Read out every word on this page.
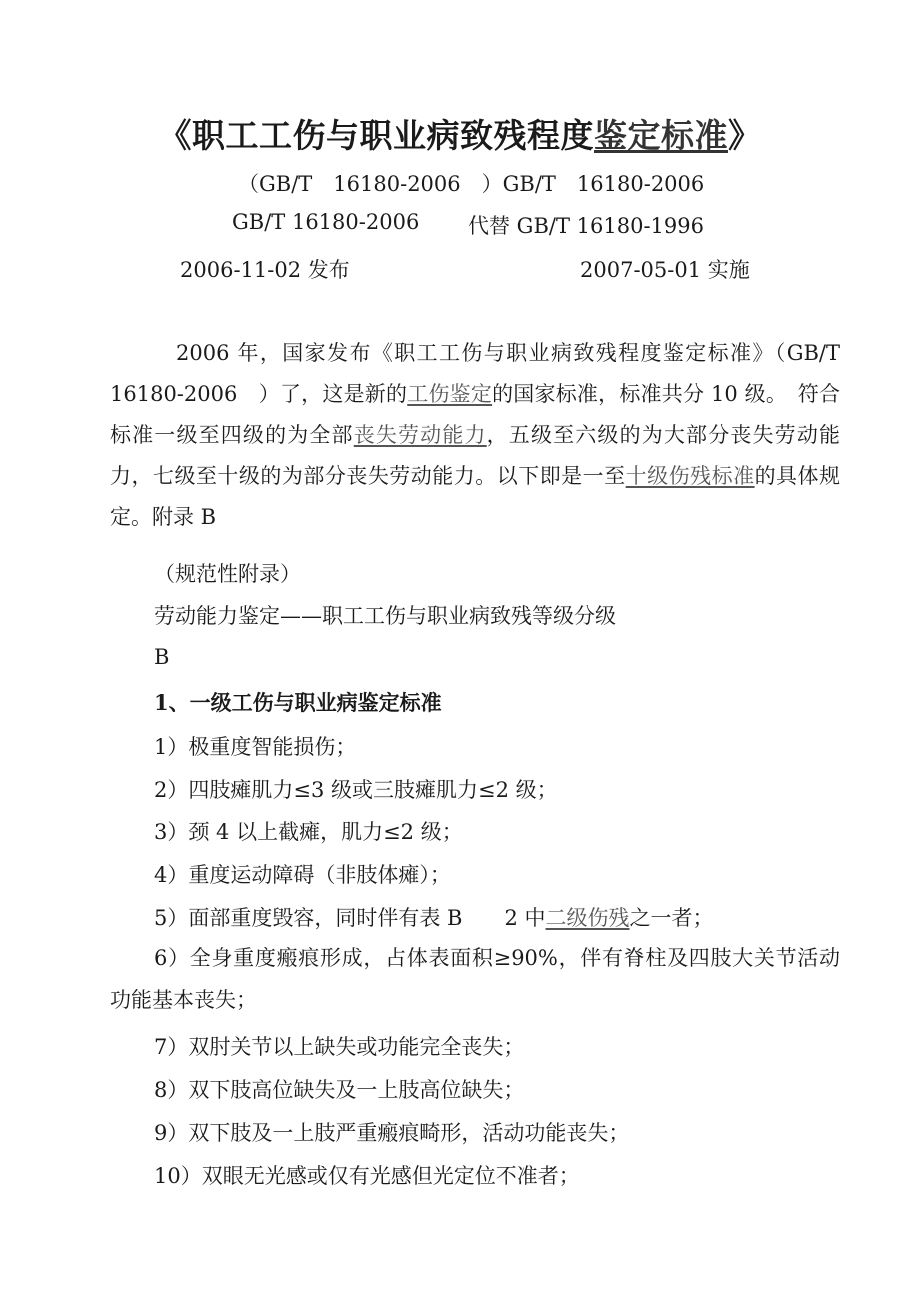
《职工工伤与职业病致残程度鉴定标准》
（GB/T　16180-2006　）GB/T　16180-2006
GB/T 16180-2006 代替 GB/T 16180-1996
2006-11-02 发布	2007-05-01 实施

2006 年，国家发布《职工工伤与职业病致残程度鉴定标准》（GB/T　16180-2006　）了，这是新的工伤鉴定的国家标准，标准共分 10 级。　符合标准一级至四级的为全部丧失劳动能力，五级至六级的为大部分丧失劳动能力，七级至十级的为部分丧失劳动能力。以下即是一至十级伤残标准的具体规定。附录 B

（规范性附录）
劳动能力鉴定——职工工伤与职业病致残等级分级
B
1、一级工伤与职业病鉴定标准
1）极重度智能损伤；
2）四肢瘫肌力≤3 级或三肢瘫肌力≤2 级；
3）颈 4 以上截瘫，肌力≤2 级；
4）重度运动障碍（非肢体瘫）；
5）面部重度毁容，同时伴有表 B　　2 中二级伤残之一者；

6）全身重度瘢痕形成，占体表面积≥90%，伴有脊柱及四肢大关节活动功能基本丧失；

7）双肘关节以上缺失或功能完全丧失；
8）双下肢高位缺失及一上肢高位缺失；
9）双下肢及一上肢严重瘢痕畸形，活动功能丧失；
10）双眼无光感或仅有光感但光定位不准者；
